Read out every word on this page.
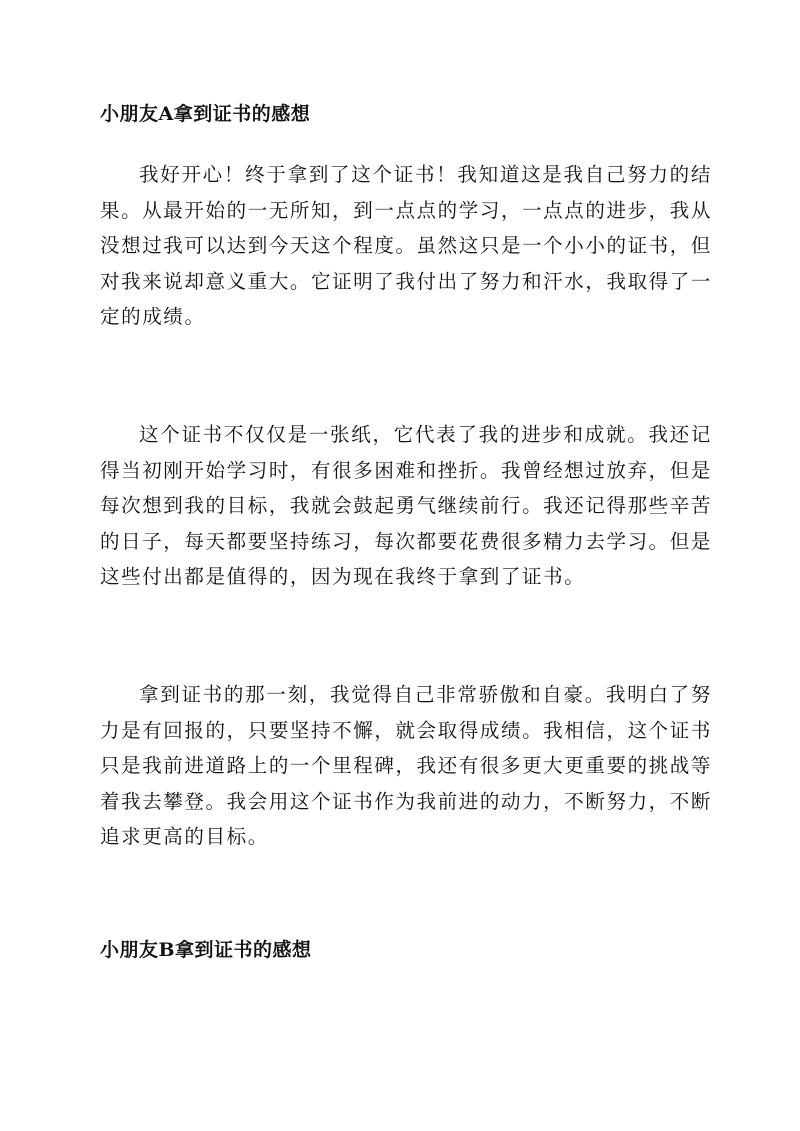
小朋友A拿到证书的感想

我好开心！终于拿到了这个证书！我知道这是我自己努力的结果。从最开始的一无所知，到一点点的学习，一点点的进步，我从没想过我可以达到今天这个程度。虽然这只是一个小小的证书，但对我来说却意义重大。它证明了我付出了努力和汗水，我取得了一定的成绩。

这个证书不仅仅是一张纸，它代表了我的进步和成就。我还记得当初刚开始学习时，有很多困难和挫折。我曾经想过放弃，但是每次想到我的目标，我就会鼓起勇气继续前行。我还记得那些辛苦的日子，每天都要坚持练习，每次都要花费很多精力去学习。但是这些付出都是值得的，因为现在我终于拿到了证书。

拿到证书的那一刻，我觉得自己非常骄傲和自豪。我明白了努力是有回报的，只要坚持不懈，就会取得成绩。我相信，这个证书只是我前进道路上的一个里程碑，我还有很多更大更重要的挑战等着我去攀登。我会用这个证书作为我前进的动力，不断努力，不断追求更高的目标。

小朋友B拿到证书的感想
